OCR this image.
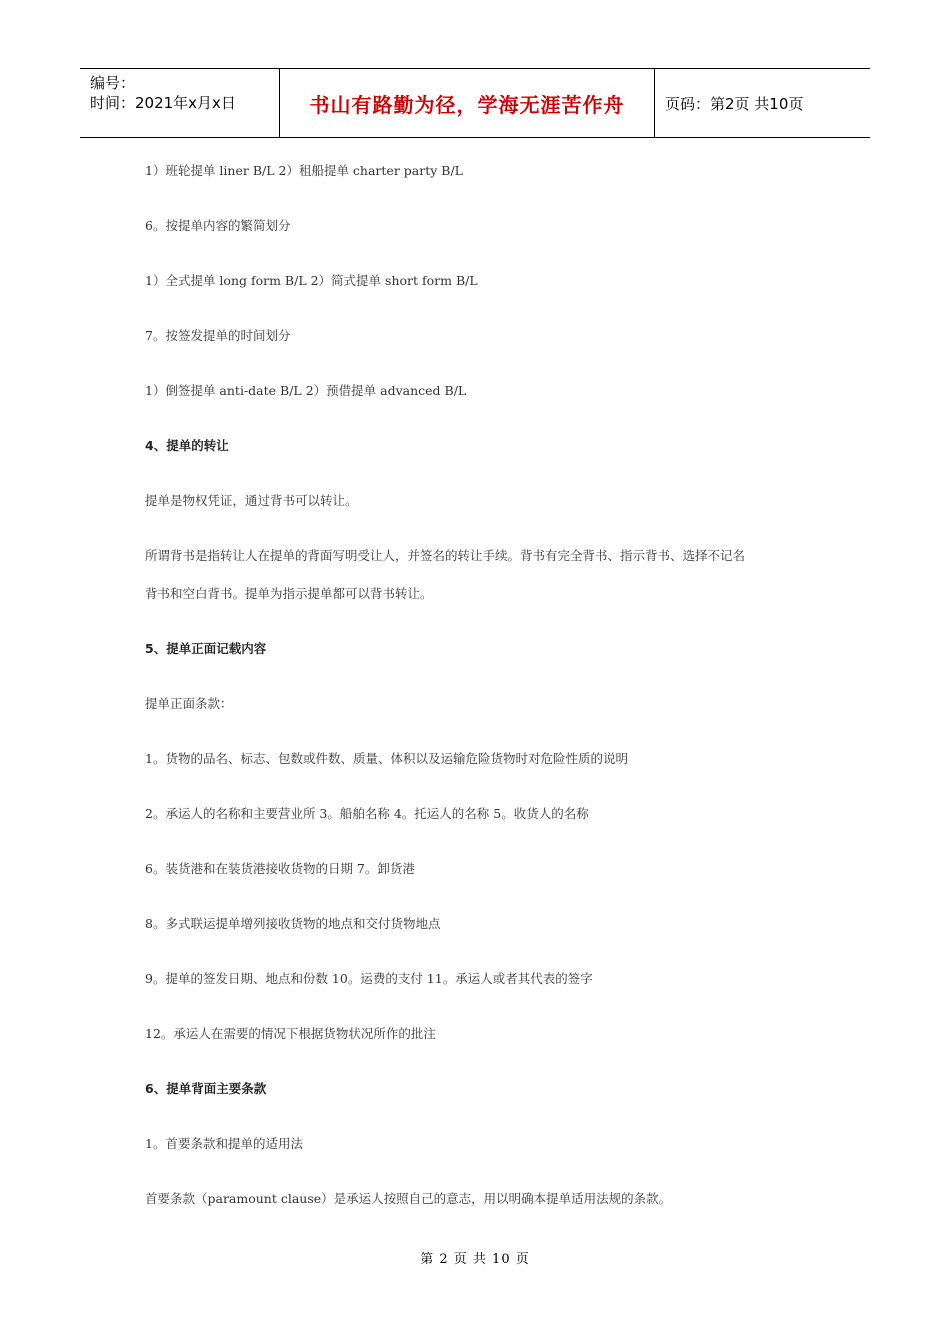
编号：
时间：2021年x月x日	书山有路勤为径，学海无涯苦作舟	页码：第2页 共10页
1）班轮提单 liner B/L 2）租船提单 charter party B/L
6。按提单内容的繁简划分
1）全式提单 long form B/L 2）简式提单 short form B/L
7。按签发提单的时间划分
1）倒签提单 anti-date B/L 2）预借提单 advanced B/L
4、提单的转让
提单是物权凭证，通过背书可以转让。
所谓背书是指转让人在提单的背面写明受让人，并签名的转让手续。背书有完全背书、指示背书、选择不记名
背书和空白背书。提单为指示提单都可以背书转让。
5、提单正面记载内容
提单正面条款：
1。货物的品名、标志、包数或件数、质量、体积以及运输危险货物时对危险性质的说明
2。承运人的名称和主要营业所 3。船舶名称 4。托运人的名称 5。收货人的名称
6。装货港和在装货港接收货物的日期 7。卸货港
8。多式联运提单增列接收货物的地点和交付货物地点
9。提单的签发日期、地点和份数 10。运费的支付 11。承运人或者其代表的签字
12。承运人在需要的情况下根据货物状况所作的批注
6、提单背面主要条款
1。首要条款和提单的适用法
首要条款（paramount clause）是承运人按照自己的意志，用以明确本提单适用法规的条款。
第 2 页 共 10 页
